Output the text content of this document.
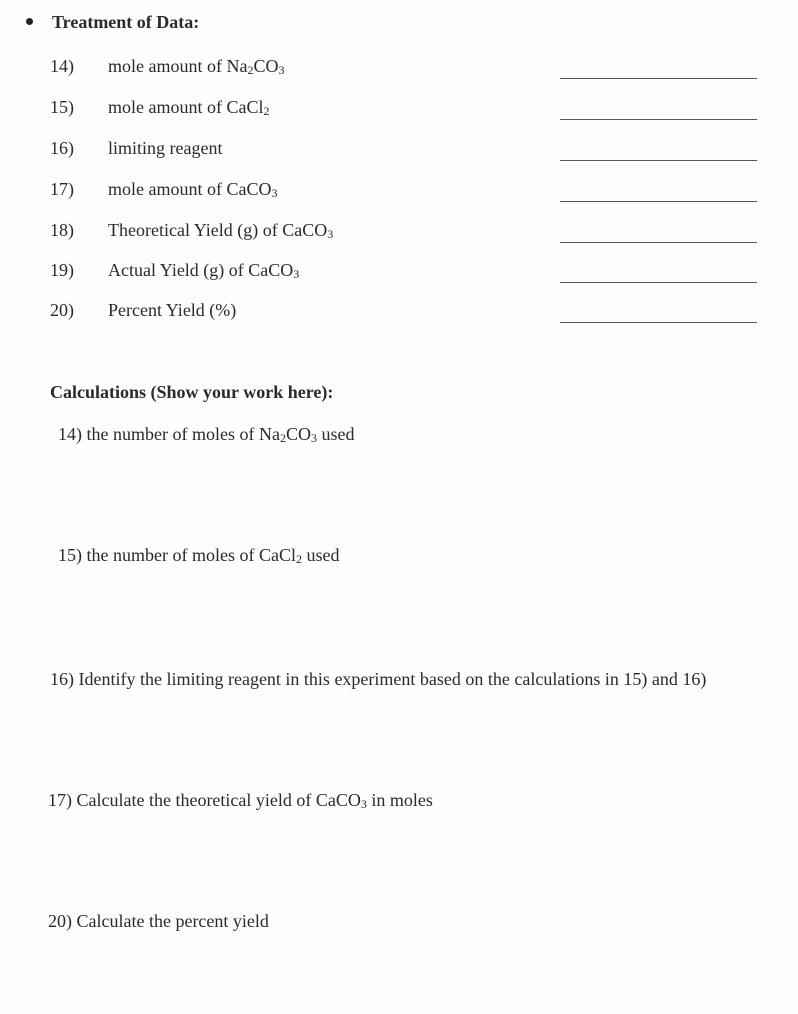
Treatment of Data:
14) mole amount of $Na_2CO_3$
15) mole amount of CaCl$_2$
16) limiting reagent
17) mole amount of CaCO$_3$
18) Theoretical Yield (g) of CaCO$_3$
19) Actual Yield (g) of CaCO$_3$
20) Percent Yield (%)
Calculations (Show your work here):
14) the number of moles of $Na_2CO_3$ used
15) the number of moles of CaCl$_2$ used
16) Identify the limiting reagent in this experiment based on the calculations in 15) and 16)
17) Calculate the theoretical yield of CaCO$_3$ in moles
20) Calculate the percent yield
